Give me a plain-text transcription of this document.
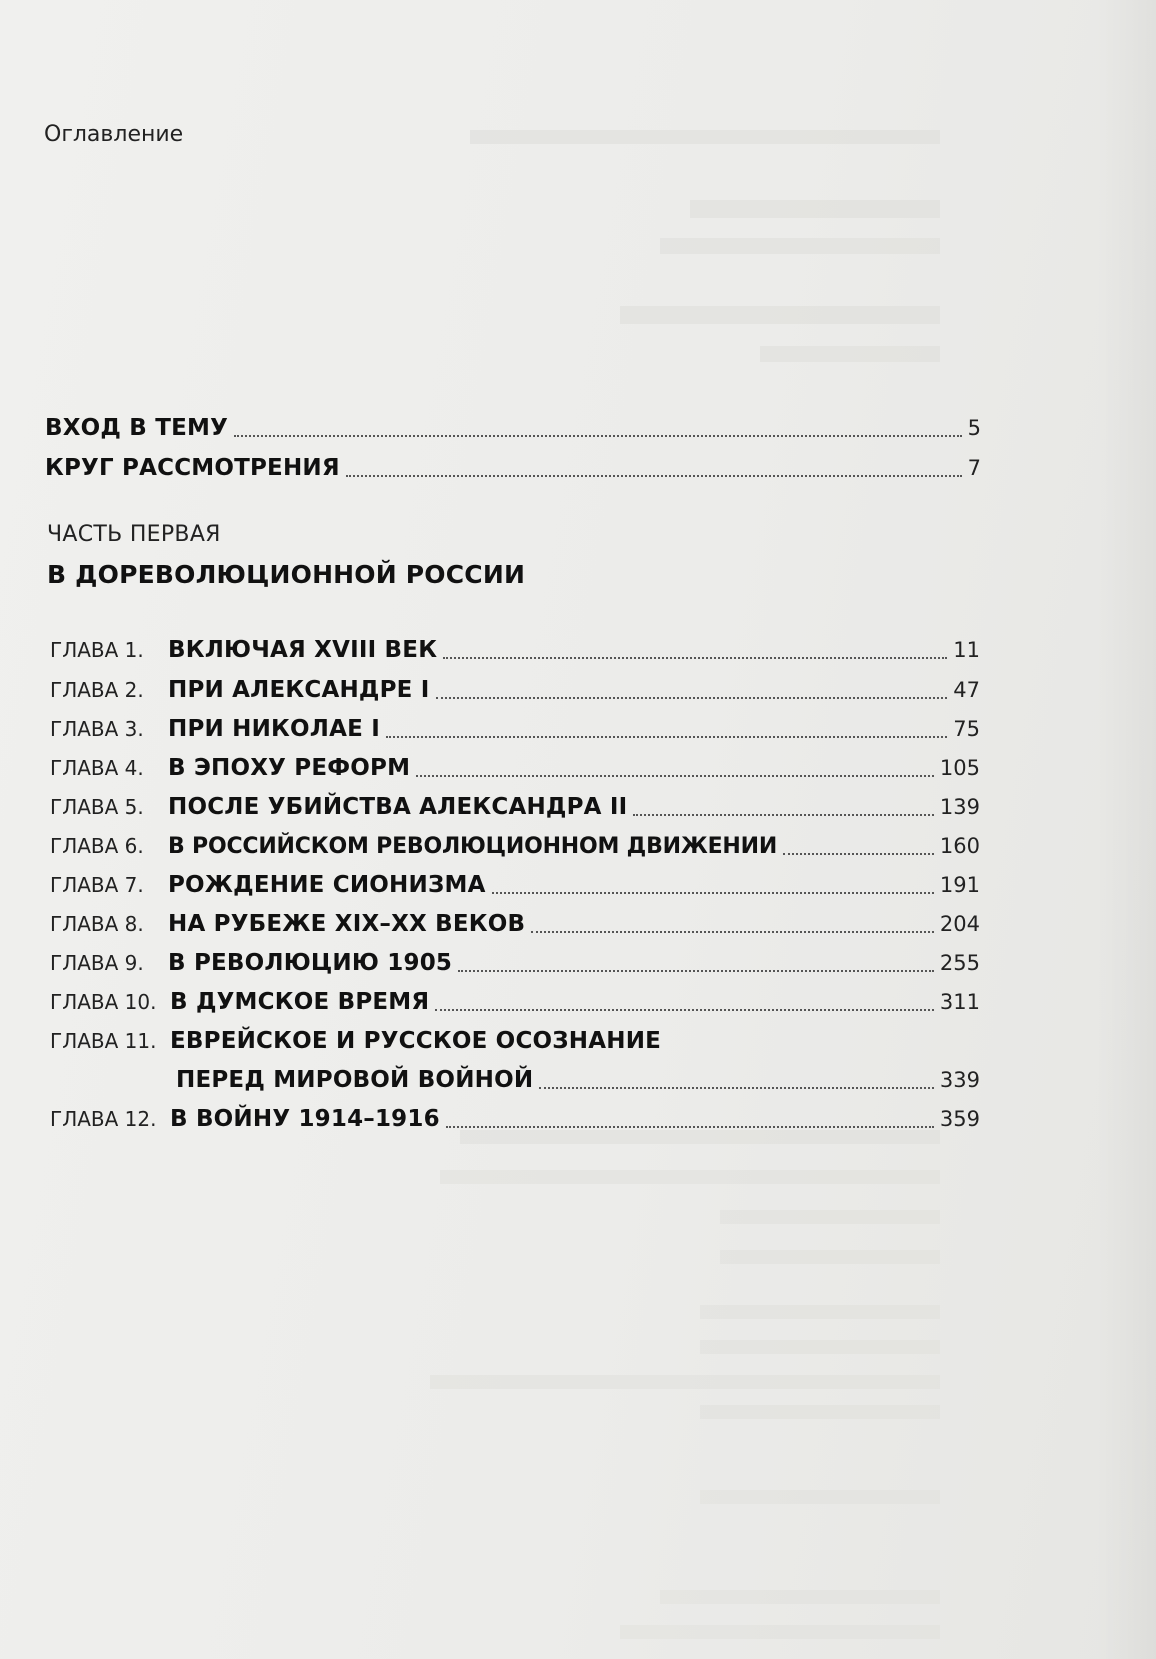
Оглавление
ВХОД В ТЕМУ	5
КРУГ РАССМОТРЕНИЯ	7
ЧАСТЬ ПЕРВАЯ
В ДОРЕВОЛЮЦИОННОЙ РОССИИ
ГЛАВА 1.	ВКЛЮЧАЯ XVIII ВЕК	11
ГЛАВА 2.	ПРИ АЛЕКСАНДРЕ I	47
ГЛАВА 3.	ПРИ НИКОЛАЕ I	75
ГЛАВА 4.	В ЭПОХУ РЕФОРМ	105
ГЛАВА 5.	ПОСЛЕ УБИЙСТВА АЛЕКСАНДРА II	139
ГЛАВА 6.	В РОССИЙСКОМ РЕВОЛЮЦИОННОМ ДВИЖЕНИИ	160
ГЛАВА 7.	РОЖДЕНИЕ СИОНИЗМА	191
ГЛАВА 8.	НА РУБЕЖЕ XIX–XX ВЕКОВ	204
ГЛАВА 9.	В РЕВОЛЮЦИЮ 1905	255
ГЛАВА 10. В ДУМСКОЕ ВРЕМЯ	311
ГЛАВА 11. ЕВРЕЙСКОЕ И РУССКОЕ ОСОЗНАНИЕ
ПЕРЕД МИРОВОЙ ВОЙНОЙ	339
ГЛАВА 12. В ВОЙНУ 1914–1916	359
